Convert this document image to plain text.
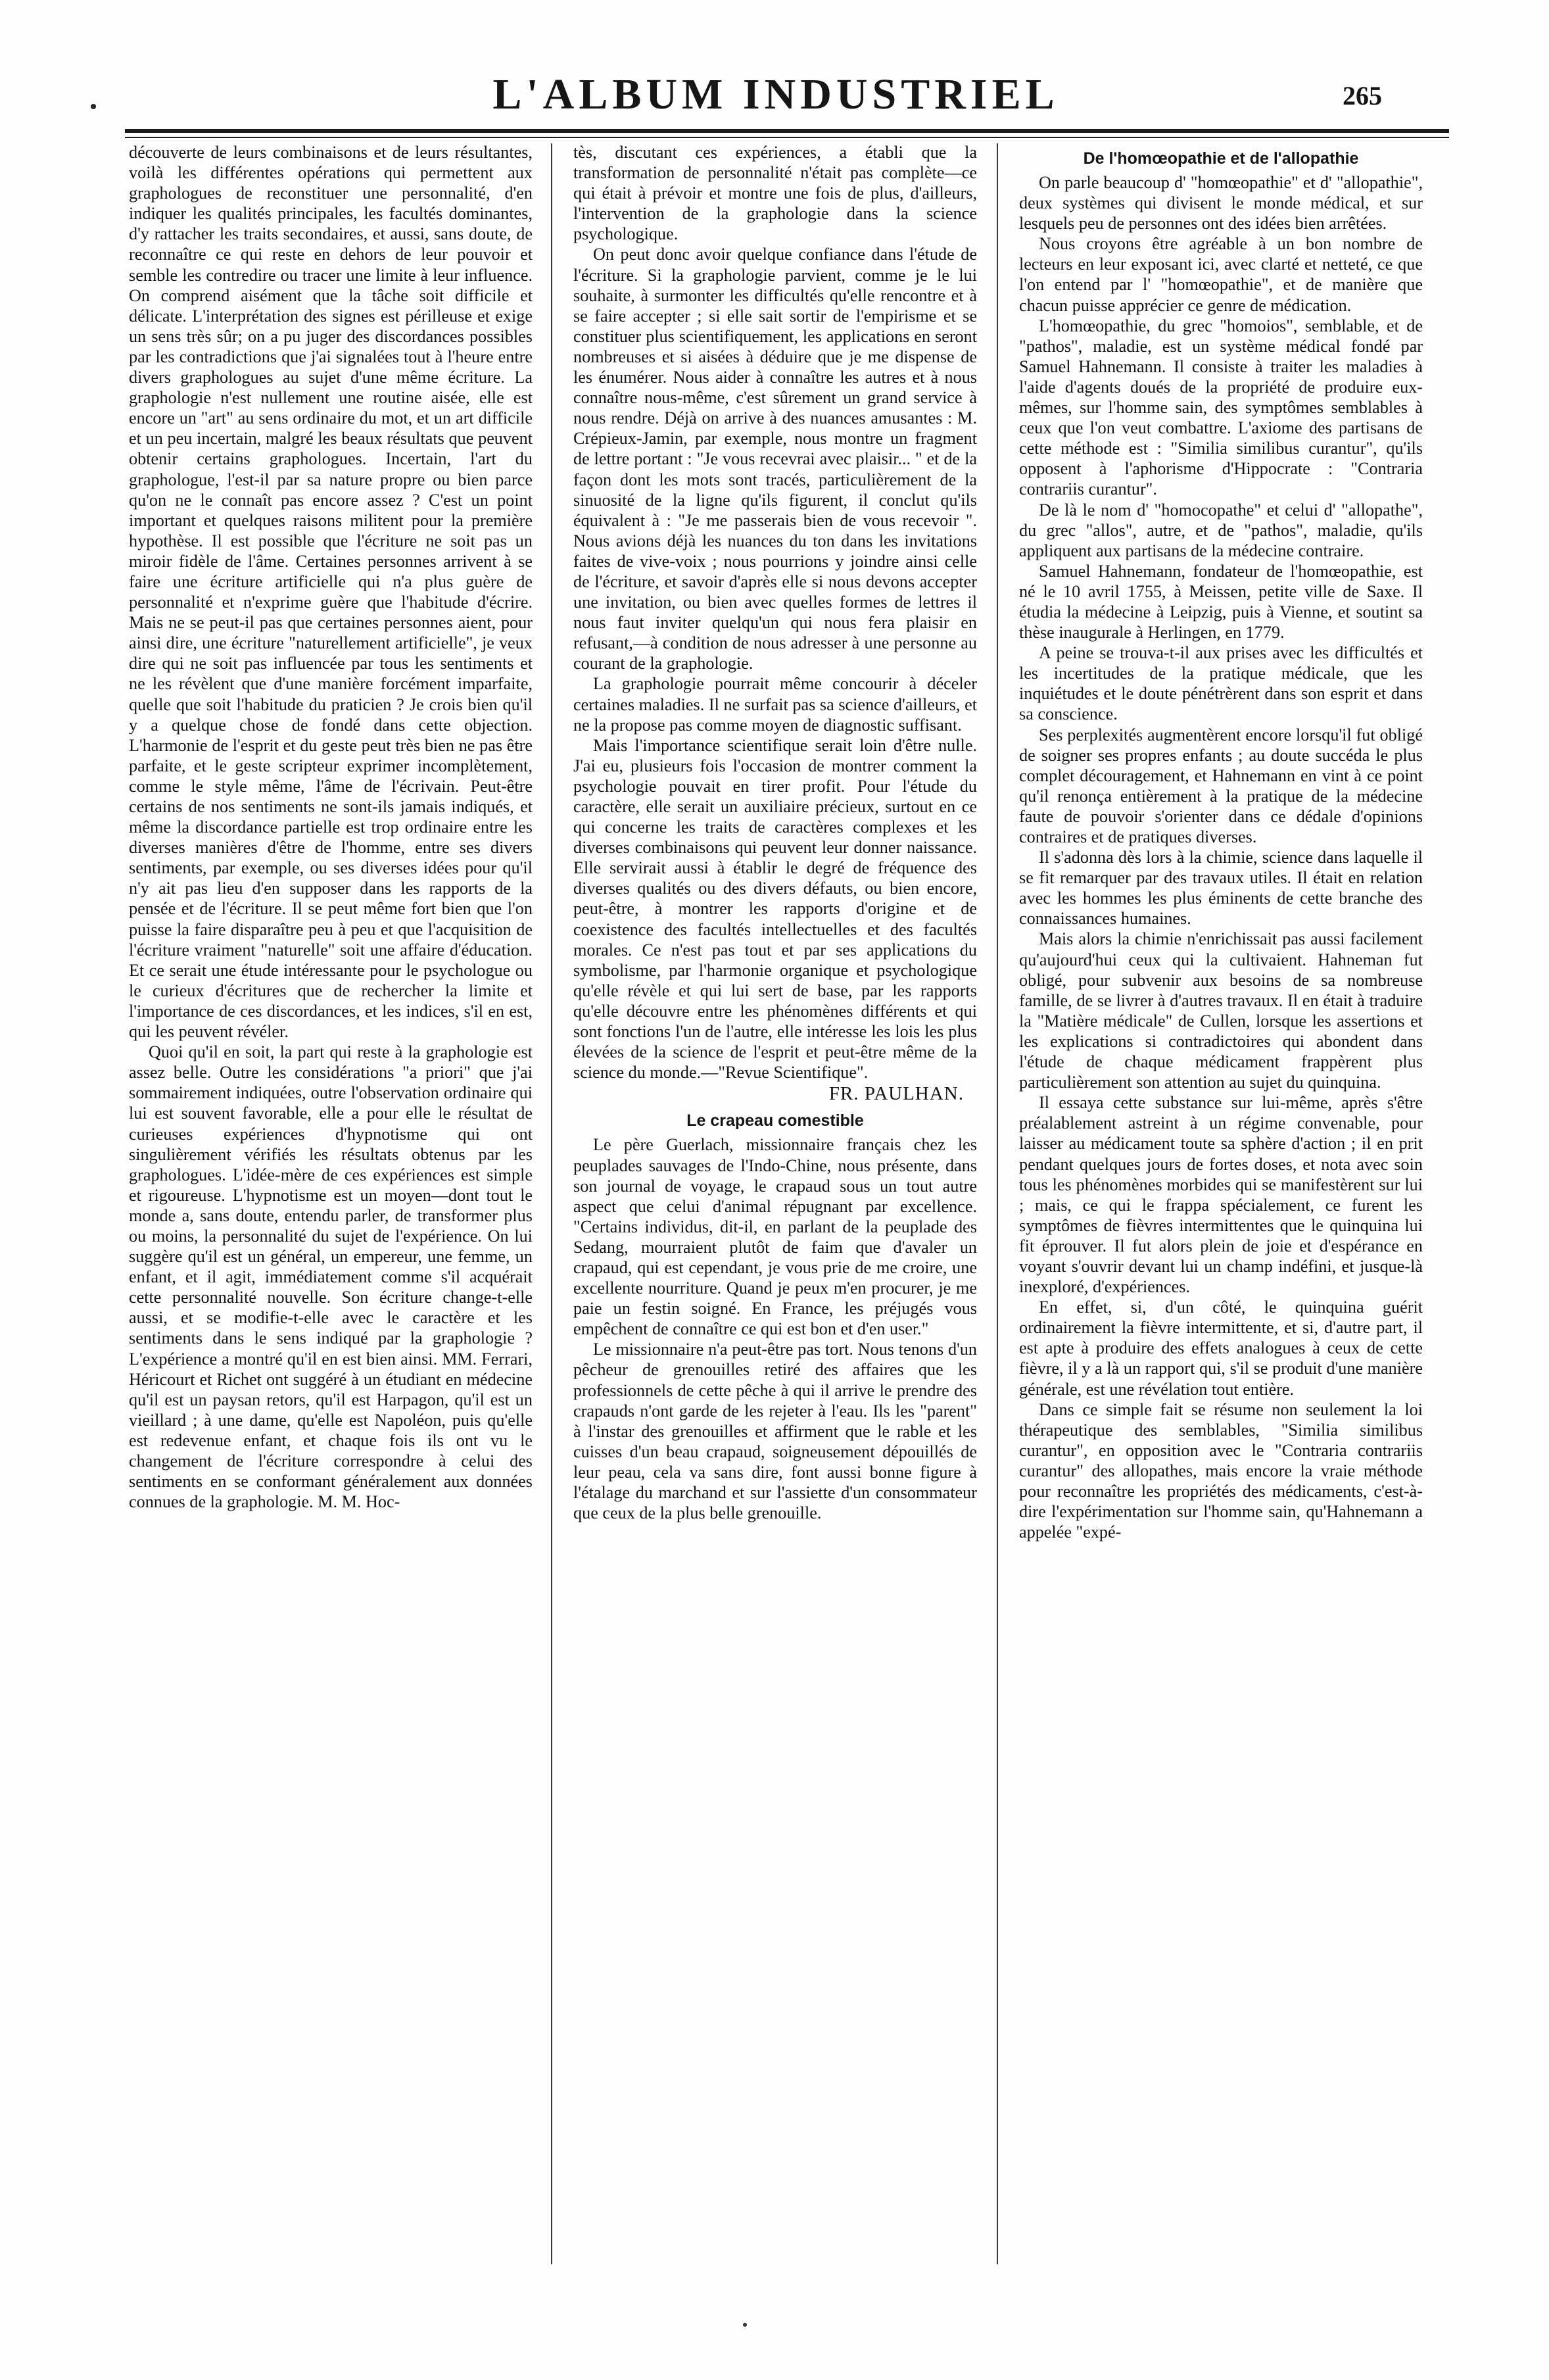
L'ALBUM INDUSTRIEL	265

découverte de leurs combinaisons et de leurs résultantes, voilà les différentes opérations qui permettent aux graphologues de reconstituer une personnalité, d'en indiquer les qualités principales, les facultés dominantes, d'y rattacher les traits secondaires, et aussi, sans doute, de reconnaître ce qui reste en dehors de leur pouvoir et semble les contredire ou tracer une limite à leur influence. On comprend aisément que la tâche soit difficile et délicate. L'interprétation des signes est périlleuse et exige un sens très sûr; on a pu juger des discordances possibles par les contradictions que j'ai signalées tout à l'heure entre divers graphologues au sujet d'une même écriture. La graphologie n'est nullement une routine aisée, elle est encore un "art" au sens ordinaire du mot, et un art difficile et un peu incertain, malgré les beaux résultats que peuvent obtenir certains graphologues. Incertain, l'art du graphologue, l'est-il par sa nature propre ou bien parce qu'on ne le connaît pas encore assez ? C'est un point important et quelques raisons militent pour la première hypothèse. Il est possible que l'écriture ne soit pas un miroir fidèle de l'âme. Certaines personnes arrivent à se faire une écriture artificielle qui n'a plus guère de personnalité et n'exprime guère que l'habitude d'écrire. Mais ne se peut-il pas que certaines personnes aient, pour ainsi dire, une écriture "naturellement artificielle", je veux dire qui ne soit pas influencée par tous les sentiments et ne les révèlent que d'une manière forcément imparfaite, quelle que soit l'habitude du praticien ? Je crois bien qu'il y a quelque chose de fondé dans cette objection. L'harmonie de l'esprit et du geste peut très bien ne pas être parfaite, et le geste scripteur exprimer incomplètement, comme le style même, l'âme de l'écrivain. Peut-être certains de nos sentiments ne sont-ils jamais indiqués, et même la discordance partielle est trop ordinaire entre les diverses manières d'être de l'homme, entre ses divers sentiments, par exemple, ou ses diverses idées pour qu'il n'y ait pas lieu d'en supposer dans les rapports de la pensée et de l'écriture. Il se peut même fort bien que l'on puisse la faire disparaître peu à peu et que l'acquisition de l'écriture vraiment "naturelle" soit une affaire d'éducation. Et ce serait une étude intéressante pour le psychologue ou le curieux d'écritures que de rechercher la limite et l'importance de ces discordances, et les indices, s'il en est, qui les peuvent révéler.

Quoi qu'il en soit, la part qui reste à la graphologie est assez belle. Outre les considérations "a priori" que j'ai sommairement indiquées, outre l'observation ordinaire qui lui est souvent favorable, elle a pour elle le résultat de curieuses expériences d'hypnotisme qui ont singulièrement vérifiés les résultats obtenus par les graphologues. L'idée-mère de ces expériences est simple et rigoureuse. L'hypnotisme est un moyen—dont tout le monde a, sans doute, entendu parler, de transformer plus ou moins, la personnalité du sujet de l'expérience. On lui suggère qu'il est un général, un empereur, une femme, un enfant, et il agit, immédiatement comme s'il acquérait cette personnalité nouvelle. Son écriture change-t-elle aussi, et se modifie-t-elle avec le caractère et les sentiments dans le sens indiqué par la graphologie ? L'expérience a montré qu'il en est bien ainsi. MM. Ferrari, Héricourt et Richet ont suggéré à un étudiant en médecine qu'il est un paysan retors, qu'il est Harpagon, qu'il est un vieillard ; à une dame, qu'elle est Napoléon, puis qu'elle est redevenue enfant, et chaque fois ils ont vu le changement de l'écriture correspondre à celui des sentiments en se conformant généralement aux données connues de la graphologie. M. M. Hoc-

tès, discutant ces expériences, a établi que la transformation de personnalité n'était pas complète—ce qui était à prévoir et montre une fois de plus, d'ailleurs, l'intervention de la graphologie dans la science psychologique.

On peut donc avoir quelque confiance dans l'étude de l'écriture. Si la graphologie parvient, comme je le lui souhaite, à surmonter les difficultés qu'elle rencontre et à se faire accepter ; si elle sait sortir de l'empirisme et se constituer plus scientifiquement, les applications en seront nombreuses et si aisées à déduire que je me dispense de les énumérer. Nous aider à connaître les autres et à nous connaître nous-même, c'est sûrement un grand service à nous rendre. Déjà on arrive à des nuances amusantes : M. Crépieux-Jamin, par exemple, nous montre un fragment de lettre portant : "Je vous recevrai avec plaisir... " et de la façon dont les mots sont tracés, particulièrement de la sinuosité de la ligne qu'ils figurent, il conclut qu'ils équivalent à : "Je me passerais bien de vous recevoir ". Nous avions déjà les nuances du ton dans les invitations faites de vive-voix ; nous pourrions y joindre ainsi celle de l'écriture, et savoir d'après elle si nous devons accepter une invitation, ou bien avec quelles formes de lettres il nous faut inviter quelqu'un qui nous fera plaisir en refusant,—à condition de nous adresser à une personne au courant de la graphologie.

La graphologie pourrait même concourir à déceler certaines maladies. Il ne surfait pas sa science d'ailleurs, et ne la propose pas comme moyen de diagnostic suffisant.

Mais l'importance scientifique serait loin d'être nulle. J'ai eu, plusieurs fois l'occasion de montrer comment la psychologie pouvait en tirer profit. Pour l'étude du caractère, elle serait un auxiliaire précieux, surtout en ce qui concerne les traits de caractères complexes et les diverses combinaisons qui peuvent leur donner naissance. Elle servirait aussi à établir le degré de fréquence des diverses qualités ou des divers défauts, ou bien encore, peut-être, à montrer les rapports d'origine et de coexistence des facultés intellectuelles et des facultés morales. Ce n'est pas tout et par ses applications du symbolisme, par l'harmonie organique et psychologique qu'elle révèle et qui lui sert de base, par les rapports qu'elle découvre entre les phénomènes différents et qui sont fonctions l'un de l'autre, elle intéresse les lois les plus élevées de la science de l'esprit et peut-être même de la science du monde.—"Revue Scientifique".

FR. PAULHAN.

Le crapeau comestible

Le père Guerlach, missionnaire français chez les peuplades sauvages de l'Indo-Chine, nous présente, dans son journal de voyage, le crapaud sous un tout autre aspect que celui d'animal répugnant par excellence. "Certains individus, dit-il, en parlant de la peuplade des Sedang, mourraient plutôt de faim que d'avaler un crapaud, qui est cependant, je vous prie de me croire, une excellente nourriture. Quand je peux m'en procurer, je me paie un festin soigné. En France, les préjugés vous empêchent de connaître ce qui est bon et d'en user."

Le missionnaire n'a peut-être pas tort. Nous tenons d'un pêcheur de grenouilles retiré des affaires que les professionnels de cette pêche à qui il arrive le prendre des crapauds n'ont garde de les rejeter à l'eau. Ils les "parent" à l'instar des grenouilles et affirment que le rable et les cuisses d'un beau crapaud, soigneusement dépouillés de leur peau, cela va sans dire, font aussi bonne figure à l'étalage du marchand et sur l'assiette d'un consommateur que ceux de la plus belle grenouille.

De l'homœopathie et de l'allopathie

On parle beaucoup d' "homœopathie" et d' "allopathie", deux systèmes qui divisent le monde médical, et sur lesquels peu de personnes ont des idées bien arrêtées.

Nous croyons être agréable à un bon nombre de lecteurs en leur exposant ici, avec clarté et netteté, ce que l'on entend par l' "homœopathie", et de manière que chacun puisse apprécier ce genre de médication.

L'homœopathie, du grec "homoios", semblable, et de "pathos", maladie, est un système médical fondé par Samuel Hahnemann. Il consiste à traiter les maladies à l'aide d'agents doués de la propriété de produire eux-mêmes, sur l'homme sain, des symptômes semblables à ceux que l'on veut combattre. L'axiome des partisans de cette méthode est : "Similia similibus curantur", qu'ils opposent à l'aphorisme d'Hippocrate : "Contraria contrariis curantur".

De là le nom d' "homocopathe" et celui d' "allopathe", du grec "allos", autre, et de "pathos", maladie, qu'ils appliquent aux partisans de la médecine contraire.

Samuel Hahnemann, fondateur de l'homœopathie, est né le 10 avril 1755, à Meissen, petite ville de Saxe. Il étudia la médecine à Leipzig, puis à Vienne, et soutint sa thèse inaugurale à Herlingen, en 1779.

A peine se trouva-t-il aux prises avec les difficultés et les incertitudes de la pratique médicale, que les inquiétudes et le doute pénétrèrent dans son esprit et dans sa conscience.

Ses perplexités augmentèrent encore lorsqu'il fut obligé de soigner ses propres enfants ; au doute succéda le plus complet découragement, et Hahnemann en vint à ce point qu'il renonça entièrement à la pratique de la médecine faute de pouvoir s'orienter dans ce dédale d'opinions contraires et de pratiques diverses.

Il s'adonna dès lors à la chimie, science dans laquelle il se fit remarquer par des travaux utiles. Il était en relation avec les hommes les plus éminents de cette branche des connaissances humaines.

Mais alors la chimie n'enrichissait pas aussi facilement qu'aujourd'hui ceux qui la cultivaient. Hahneman fut obligé, pour subvenir aux besoins de sa nombreuse famille, de se livrer à d'autres travaux. Il en était à traduire la "Matière médicale" de Cullen, lorsque les assertions et les explications si contradictoires qui abondent dans l'étude de chaque médicament frappèrent plus particulièrement son attention au sujet du quinquina.

Il essaya cette substance sur lui-même, après s'être préalablement astreint à un régime convenable, pour laisser au médicament toute sa sphère d'action ; il en prit pendant quelques jours de fortes doses, et nota avec soin tous les phénomènes morbides qui se manifestèrent sur lui ; mais, ce qui le frappa spécialement, ce furent les symptômes de fièvres intermittentes que le quinquina lui fit éprouver. Il fut alors plein de joie et d'espérance en voyant s'ouvrir devant lui un champ indéfini, et jusque-là inexploré, d'expériences.

En effet, si, d'un côté, le quinquina guérit ordinairement la fièvre intermittente, et si, d'autre part, il est apte à produire des effets analogues à ceux de cette fièvre, il y a là un rapport qui, s'il se produit d'une manière générale, est une révélation tout entière.

Dans ce simple fait se résume non seulement la loi thérapeutique des semblables, "Similia similibus curantur", en opposition avec le "Contraria contrariis curantur" des allopathes, mais encore la vraie méthode pour reconnaître les propriétés des médicaments, c'est-à-dire l'expérimentation sur l'homme sain, qu'Hahnemann a appelée "expé-
